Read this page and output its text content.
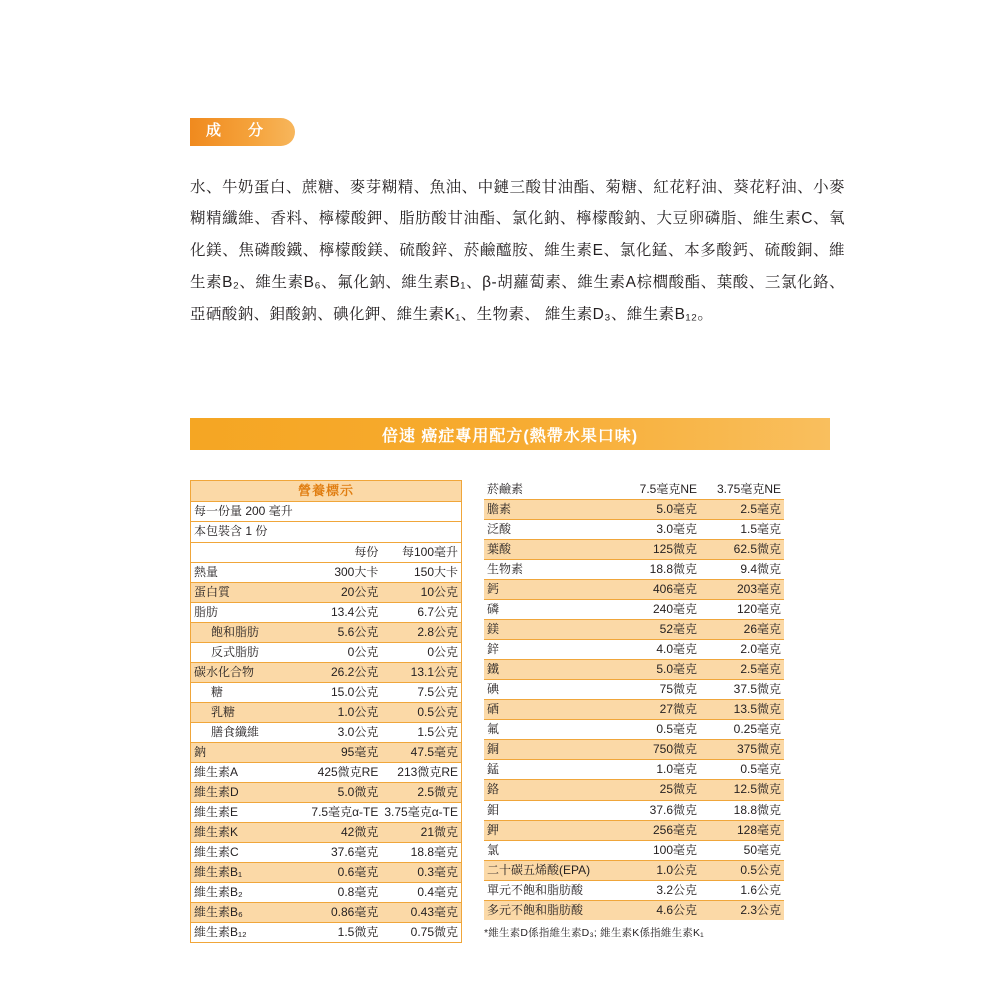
成　分
水、牛奶蛋白、蔗糖、麥芽糊精、魚油、中鏈三酸甘油酯、菊糖、紅花籽油、葵花籽油、小麥糊精纖維、香料、檸檬酸鉀、脂肪酸甘油酯、氯化鈉、檸檬酸鈉、大豆卵磷脂、維生素C、氧化鎂、焦磷酸鐵、檸檬酸鎂、硫酸鋅、菸鹼醯胺、維生素E、氯化錳、本多酸鈣、硫酸銅、維生素B₂、維生素B₆、氟化鈉、維生素B₁、β-胡蘿蔔素、維生素A棕櫚酸酯、葉酸、三氯化鉻、亞硒酸鈉、鉬酸鈉、碘化鉀、維生素K₁、生物素、 維生素D₃、維生素B₁₂。
倍速 癌症專用配方(熱帶水果口味)
營養標示		
每一份量 200 毫升		
本包裝含 1 份		
	每份	每100毫升
熱量	300大卡	150大卡
蛋白質	20公克	10公克
脂肪	13.4公克	6.7公克
飽和脂肪	5.6公克	2.8公克
反式脂肪	0公克	0公克
碳水化合物	26.2公克	13.1公克
糖	15.0公克	7.5公克
乳糖	1.0公克	0.5公克
膳食纖維	3.0公克	1.5公克
鈉	95毫克	47.5毫克
維生素A	425微克RE	213微克RE
維生素D	5.0微克	2.5微克
維生素E	7.5毫克α-TE	3.75毫克α-TE
維生素K	42微克	21微克
維生素C	37.6毫克	18.8毫克
維生素B₁	0.6毫克	0.3毫克
維生素B₂	0.8毫克	0.4毫克
維生素B₆	0.86毫克	0.43毫克
維生素B₁₂	1.5微克	0.75微克
菸鹼素	7.5毫克NE	3.75毫克NE
膽素	5.0毫克	2.5毫克
泛酸	3.0毫克	1.5毫克
葉酸	125微克	62.5微克
生物素	18.8微克	9.4微克
鈣	406毫克	203毫克
磷	240毫克	120毫克
鎂	52毫克	26毫克
鋅	4.0毫克	2.0毫克
鐵	5.0毫克	2.5毫克
碘	75微克	37.5微克
硒	27微克	13.5微克
氟	0.5毫克	0.25毫克
銅	750微克	375微克
錳	1.0毫克	0.5毫克
鉻	25微克	12.5微克
鉬	37.6微克	18.8微克
鉀	256毫克	128毫克
氯	100毫克	50毫克
二十碳五烯酸(EPA)	1.0公克	0.5公克
單元不飽和脂肪酸	3.2公克	1.6公克
多元不飽和脂肪酸	4.6公克	2.3公克
*維生素D係指維生素D₃; 維生素K係指維生素K₁
